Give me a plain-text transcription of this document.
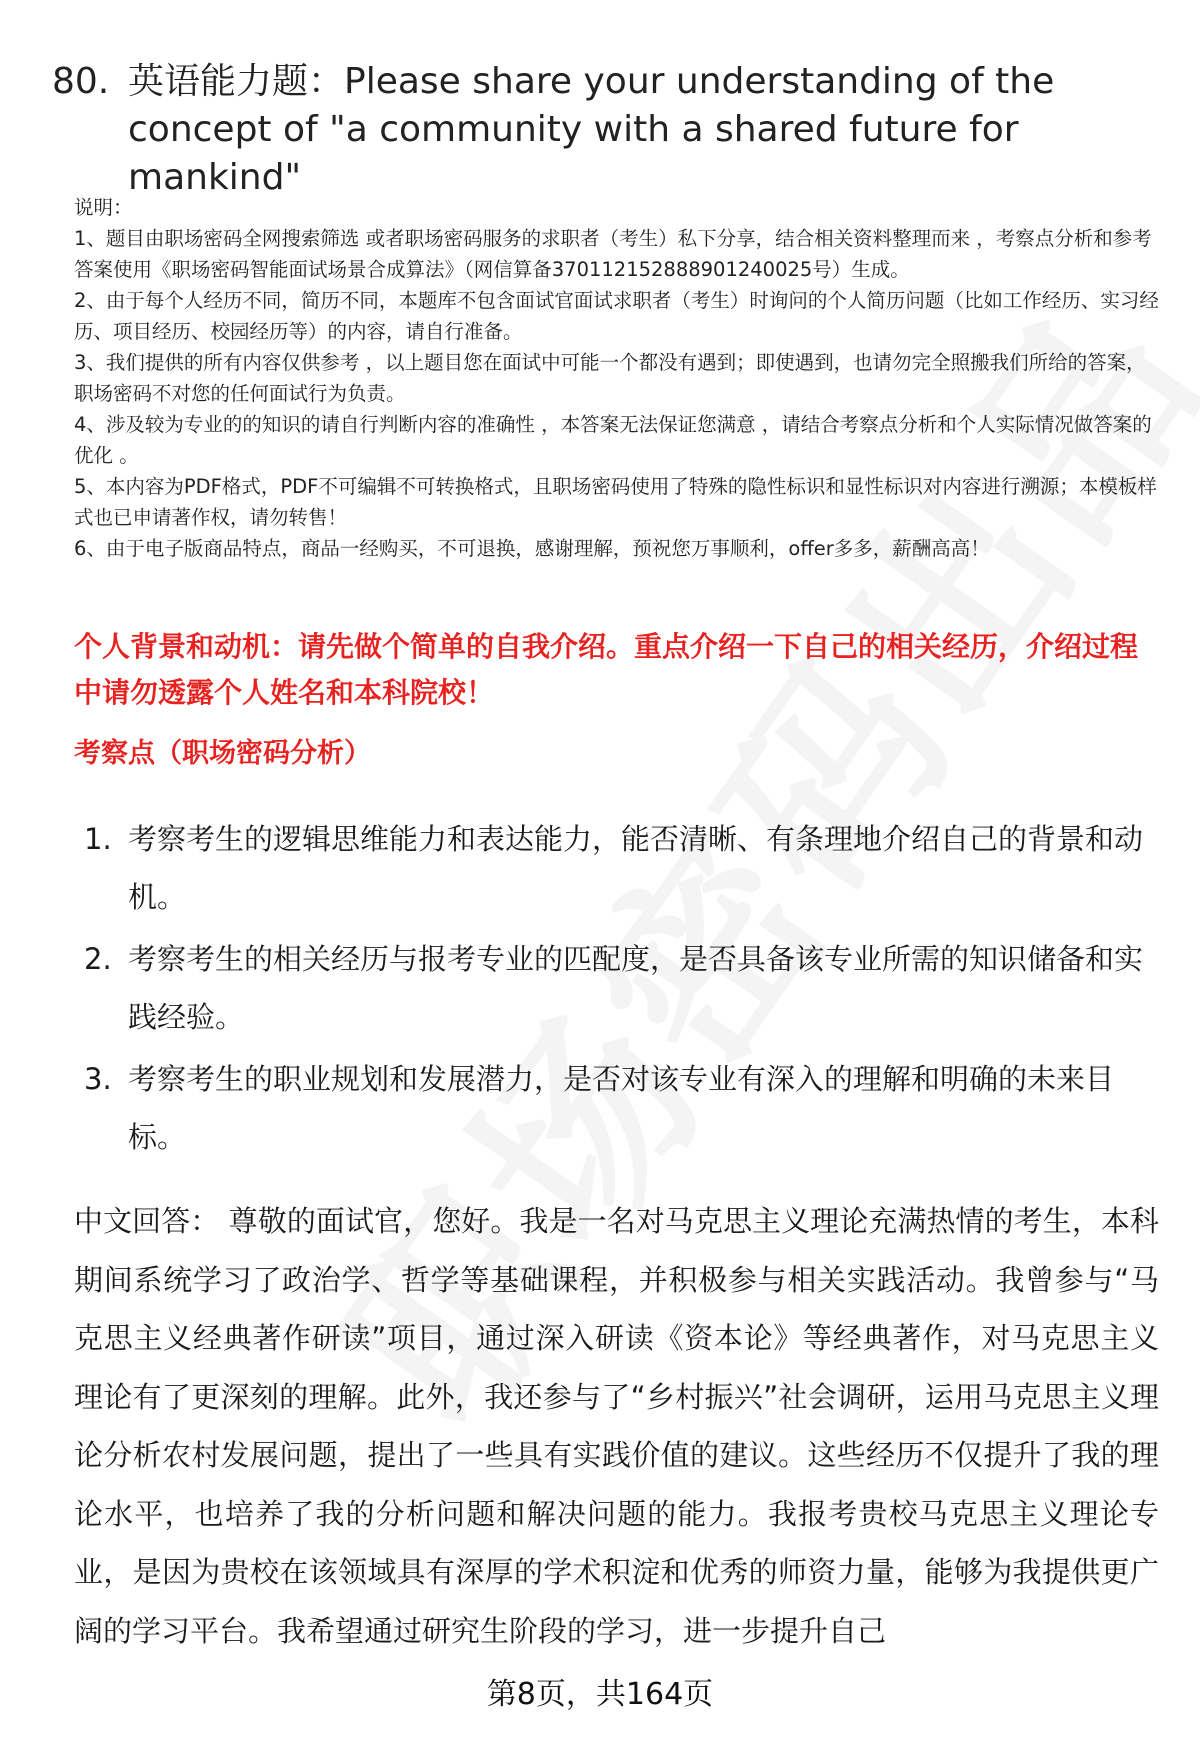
80. 英语能力题：Please share your understanding of the concept of "a community with a shared future for mankind"

说明：

1、题目由职场密码全网搜索筛选 或者职场密码服务的求职者（考生）私下分享，结合相关资料整理而来 ，考察点分析和参考答案使用《职场密码智能面试场景合成算法》（网信算备370112152888901240025号）生成。

2、由于每个人经历不同，简历不同，本题库不包含面试官面试求职者（考生）时询问的个人简历问题（比如工作经历、实习经历、项目经历、校园经历等）的内容，请自行准备。

3、我们提供的所有内容仅供参考 ，以上题目您在面试中可能一个都没有遇到；即使遇到，也请勿完全照搬我们所给的答案，职场密码不对您的任何面试行为负责。

4、涉及较为专业的的知识的请自行判断内容的准确性 ，本答案无法保证您满意 ，请结合考察点分析和个人实际情况做答案的优化 。

5、本内容为PDF格式，PDF不可编辑不可转换格式，且职场密码使用了特殊的隐性标识和显性标识对内容进行溯源；本模板样式也已申请著作权，请勿转售！

6、由于电子版商品特点，商品一经购买，不可退换，感谢理解，预祝您万事顺利，offer多多，薪酬高高！

个人背景和动机：请先做个简单的自我介绍。重点介绍一下自己的相关经历，介绍过程中请勿透露个人姓名和本科院校！
考察点（职场密码分析）
1. 考察考生的逻辑思维能力和表达能力，能否清晰、有条理地介绍自己的背景和动机。
2. 考察考生的相关经历与报考专业的匹配度，是否具备该专业所需的知识储备和实践经验。
3. 考察考生的职业规划和发展潜力，是否对该专业有深入的理解和明确的未来目标。
中文回答： 尊敬的面试官，您好。我是一名对马克思主义理论充满热情的考生，本科期间系统学习了政治学、哲学等基础课程，并积极参与相关实践活动。我曾参与“马克思主义经典著作研读”项目，通过深入研读《资本论》等经典著作，对马克思主义理论有了更深刻的理解。此外，我还参与了“乡村振兴”社会调研，运用马克思主义理论分析农村发展问题，提出了一些具有实践价值的建议。这些经历不仅提升了我的理论水平，也培养了我的分析问题和解决问题的能力。我报考贵校马克思主义理论专业，是因为贵校在该领域具有深厚的学术积淀和优秀的师资力量，能够为我提供更广阔的学习平台。我希望通过研究生阶段的学习，进一步提升自己
第8页，共164页
